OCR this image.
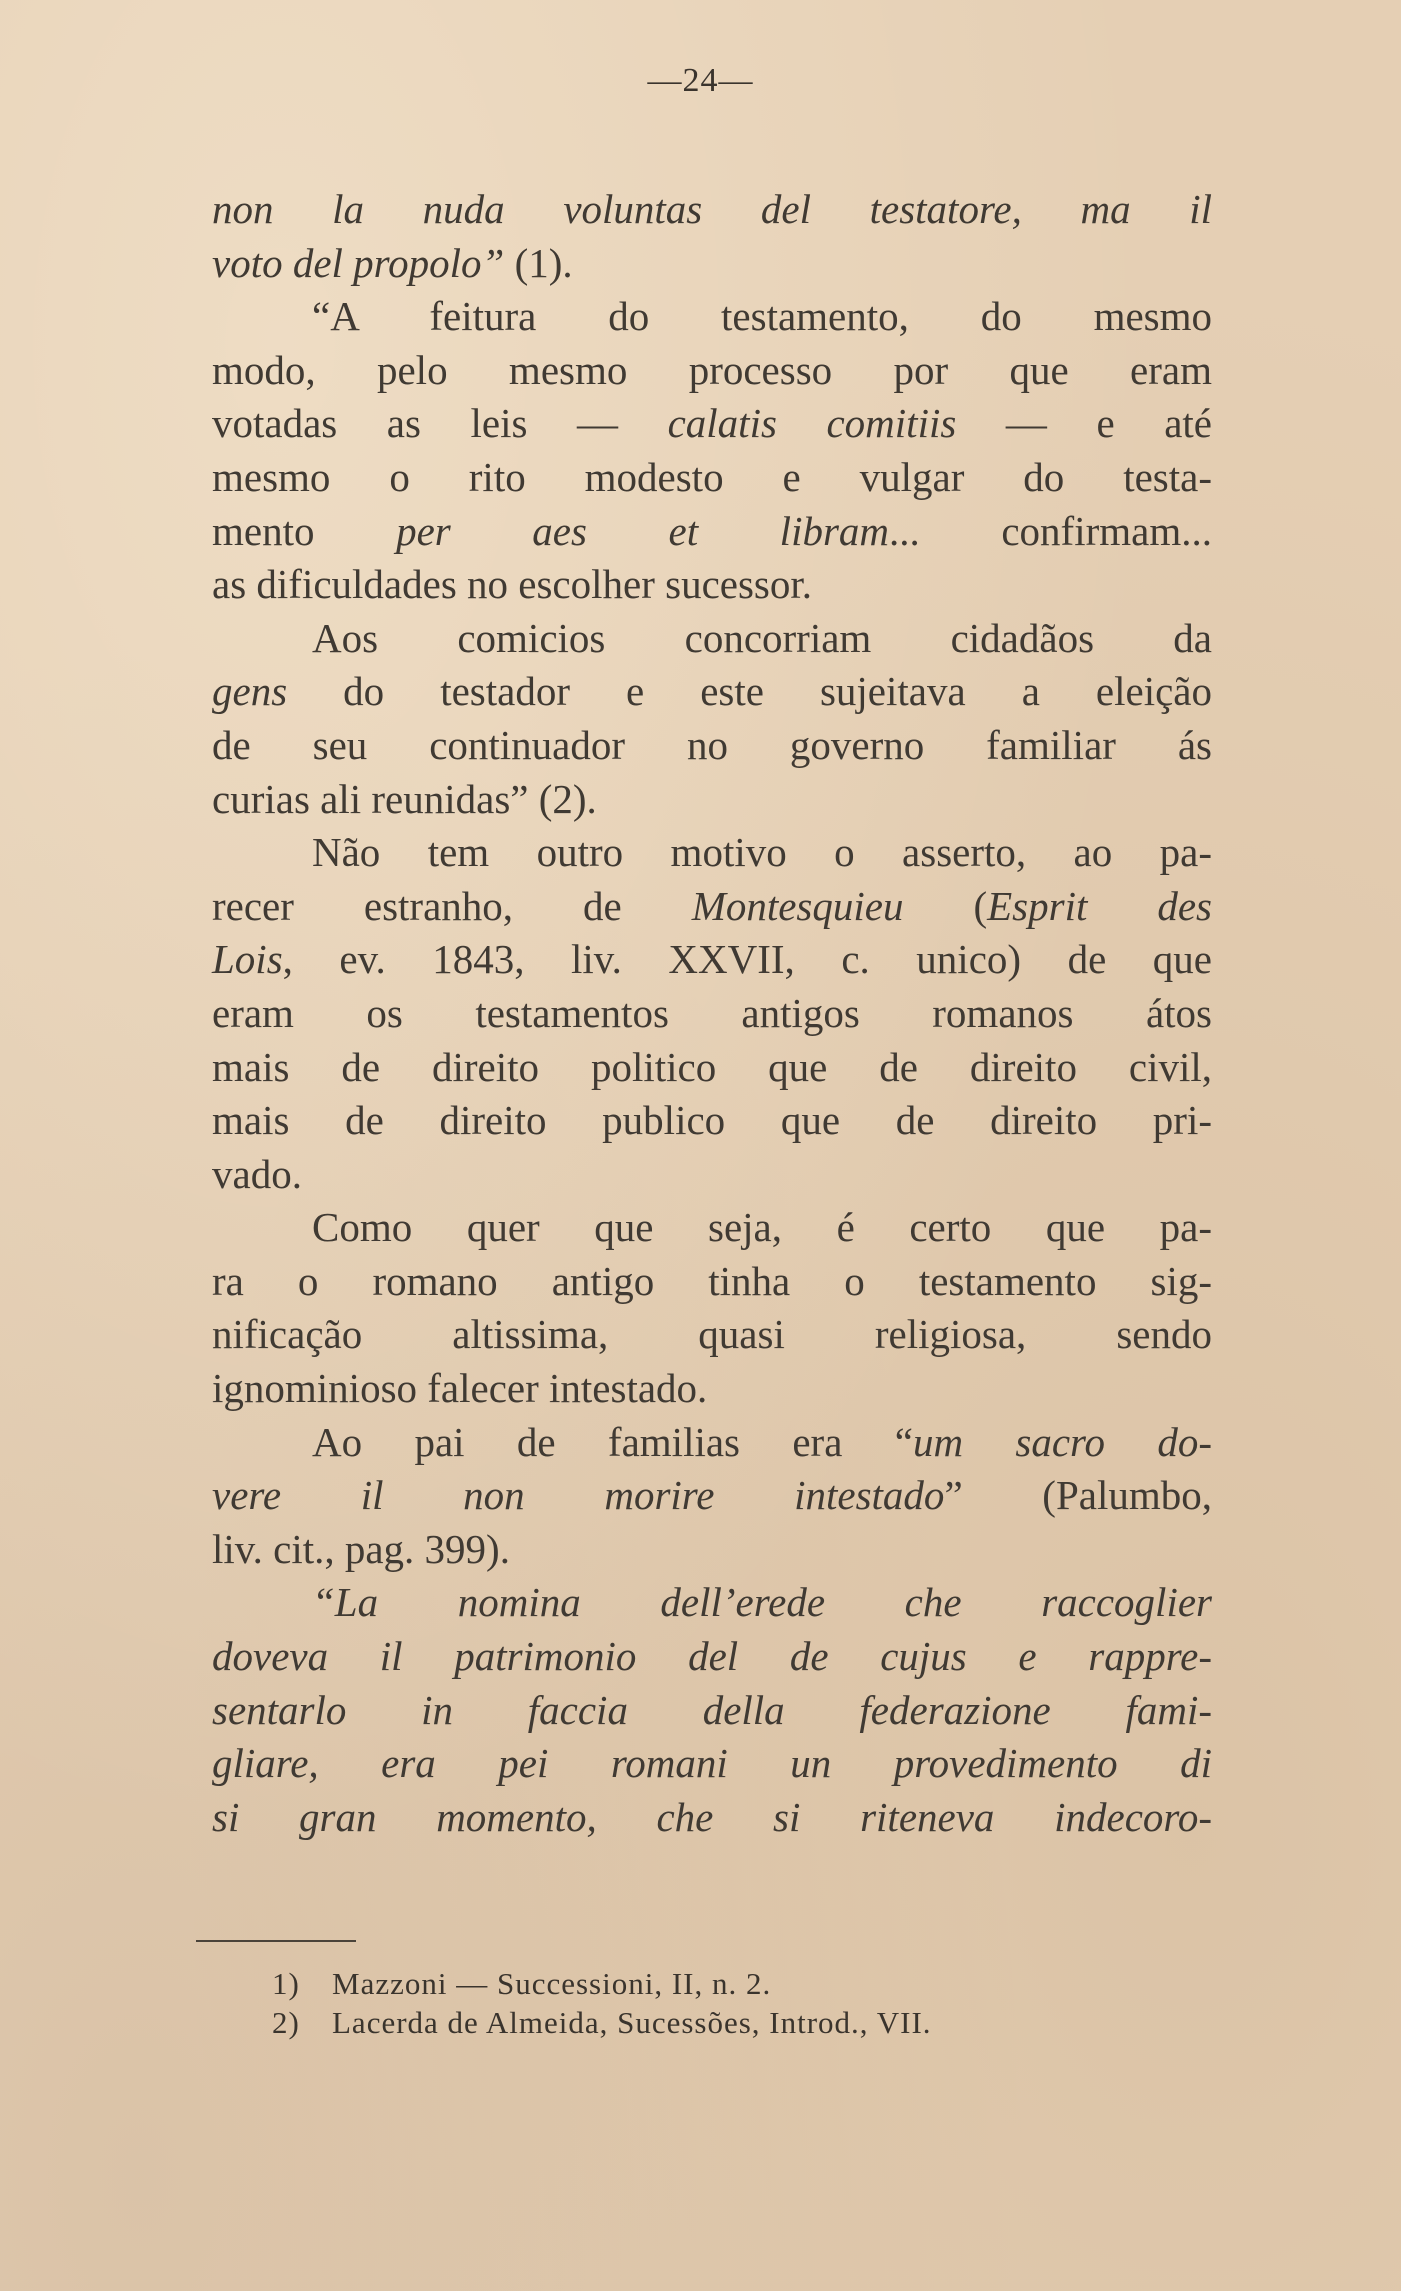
—24—
non la nuda voluntas del testatore, ma il
voto del propolo” (1).
“A feitura do testamento, do mesmo
modo, pelo mesmo processo por que eram
votadas as leis — calatis comitiis — e até
mesmo o rito modesto e vulgar do testa-
mento per aes et libram... confirmam...
as dificuldades no escolher sucessor.
Aos comicios concorriam cidadãos da
gens do testador e este sujeitava a eleição
de seu continuador no governo familiar ás
curias ali reunidas” (2).
Não tem outro motivo o asserto, ao pa-
recer estranho, de Montesquieu (Esprit des
Lois, ev. 1843, liv. XXVII, c. unico) de que
eram os testamentos antigos romanos átos
mais de direito politico que de direito civil,
mais de direito publico que de direito pri-
vado.
Como quer que seja, é certo que pa-
ra o romano antigo tinha o testamento sig-
nificação altissima, quasi religiosa, sendo
ignominioso falecer intestado.
Ao pai de familias era “um sacro do-
vere il non morire intestado” (Palumbo,
liv. cit., pag. 399).
“La nomina dell’erede che raccoglier
doveva il patrimonio del de cujus e rappre-
sentarlo in faccia della federazione fami-
gliare, era pei romani un provedimento di
si gran momento, che si riteneva indecoro-
1) Mazzoni — Successioni, II, n. 2.
2) Lacerda de Almeida, Sucessões, Introd., VII.
